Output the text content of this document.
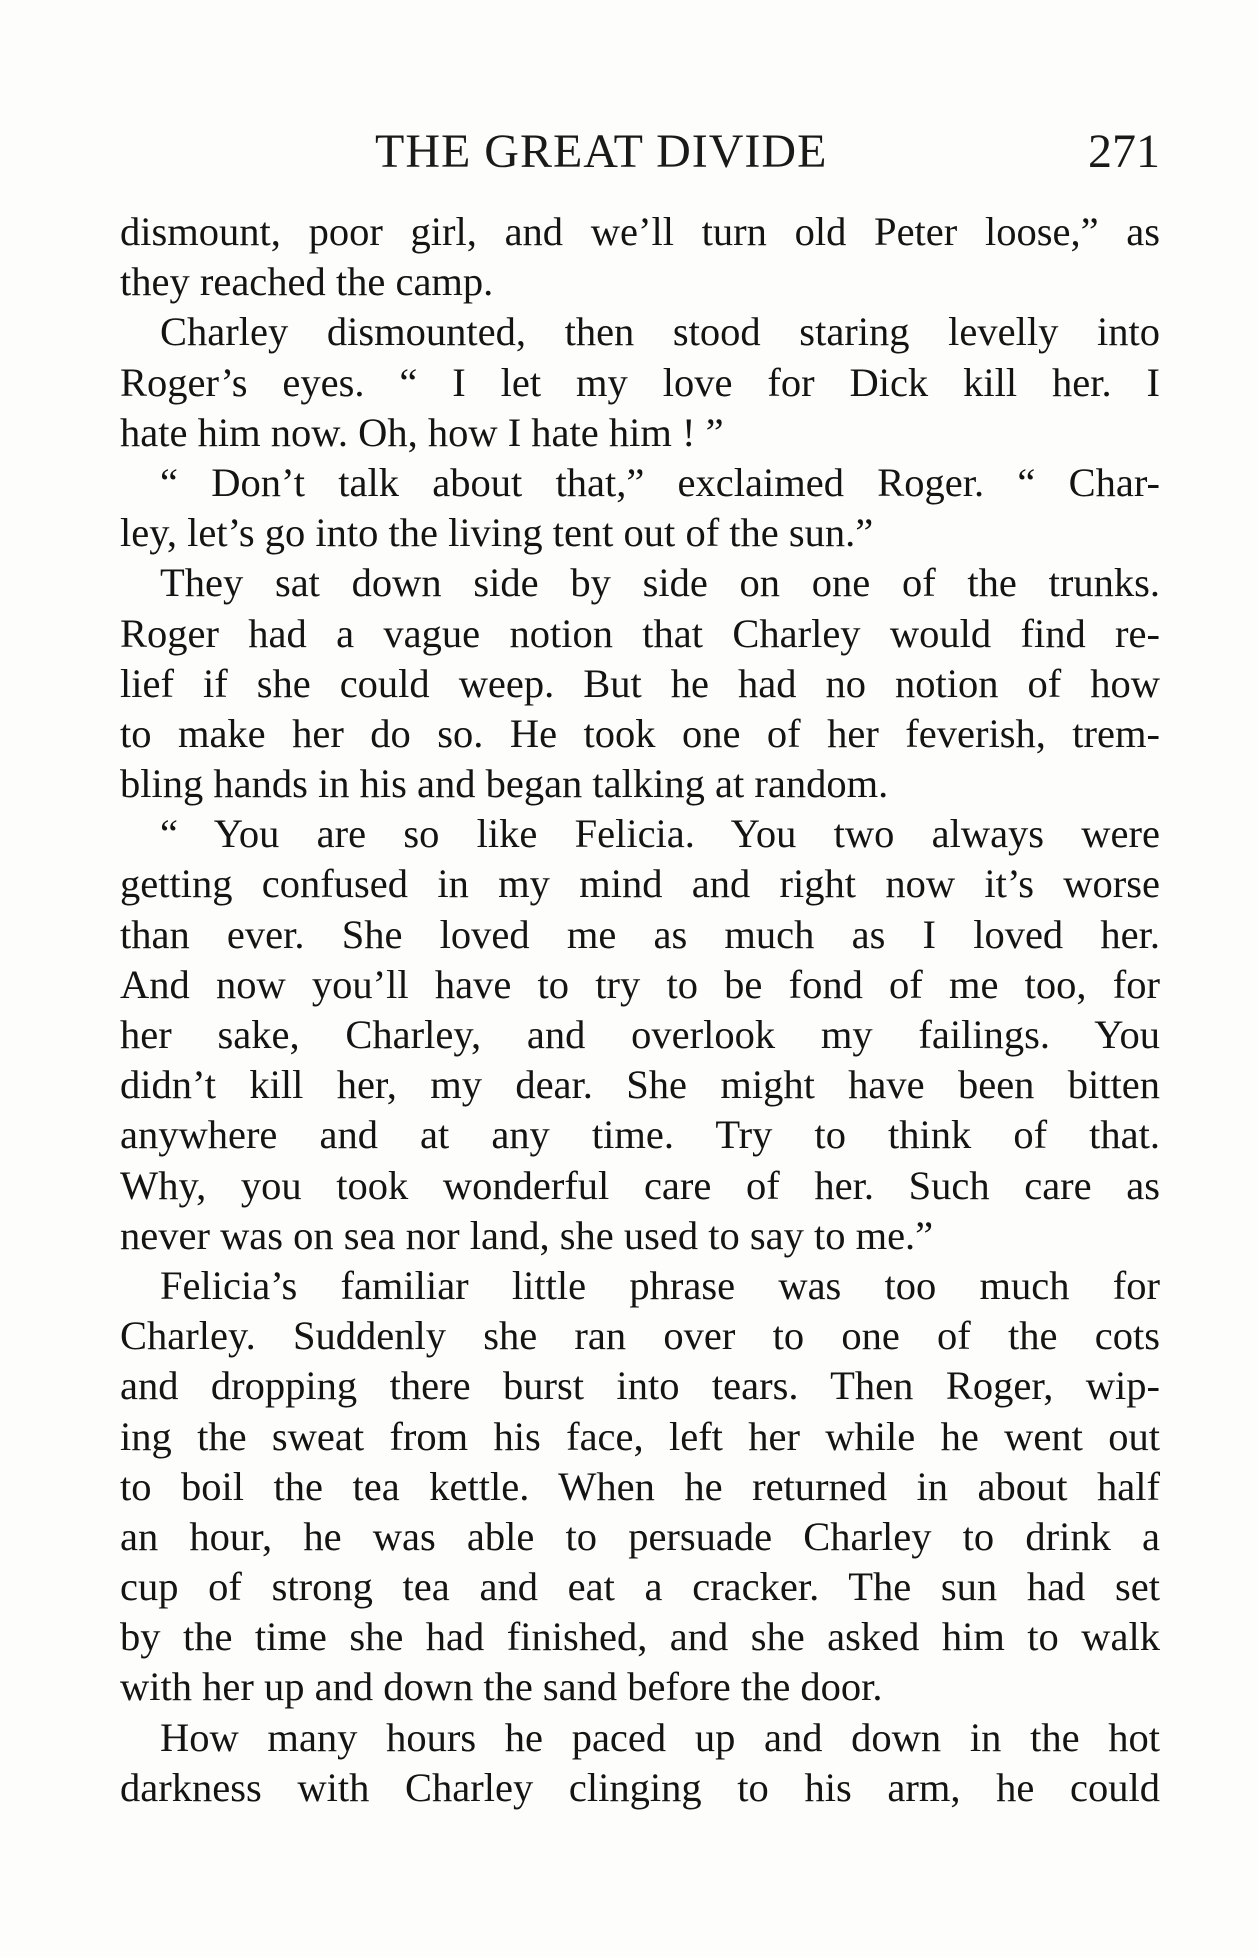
THE GREAT DIVIDE	271
dismount, poor girl, and we’ll turn old Peter loose,” as
they reached the camp.
Charley dismounted, then stood staring levelly into
Roger’s eyes. “ I let my love for Dick kill her. I
hate him now. Oh, how I hate him ! ”
“ Don’t talk about that,” exclaimed Roger. “ Char-
ley, let’s go into the living tent out of the sun.”
They sat down side by side on one of the trunks.
Roger had a vague notion that Charley would find re-
lief if she could weep. But he had no notion of how
to make her do so. He took one of her feverish, trem-
bling hands in his and began talking at random.
“ You are so like Felicia. You two always were
getting confused in my mind and right now it’s worse
than ever. She loved me as much as I loved her.
And now you’ll have to try to be fond of me too, for
her sake, Charley, and overlook my failings. You
didn’t kill her, my dear. She might have been bitten
anywhere and at any time. Try to think of that.
Why, you took wonderful care of her. Such care as
never was on sea nor land, she used to say to me.”
Felicia’s familiar little phrase was too much for
Charley. Suddenly she ran over to one of the cots
and dropping there burst into tears. Then Roger, wip-
ing the sweat from his face, left her while he went out
to boil the tea kettle. When he returned in about half
an hour, he was able to persuade Charley to drink a
cup of strong tea and eat a cracker. The sun had set
by the time she had finished, and she asked him to walk
with her up and down the sand before the door.
How many hours he paced up and down in the hot
darkness with Charley clinging to his arm, he could
